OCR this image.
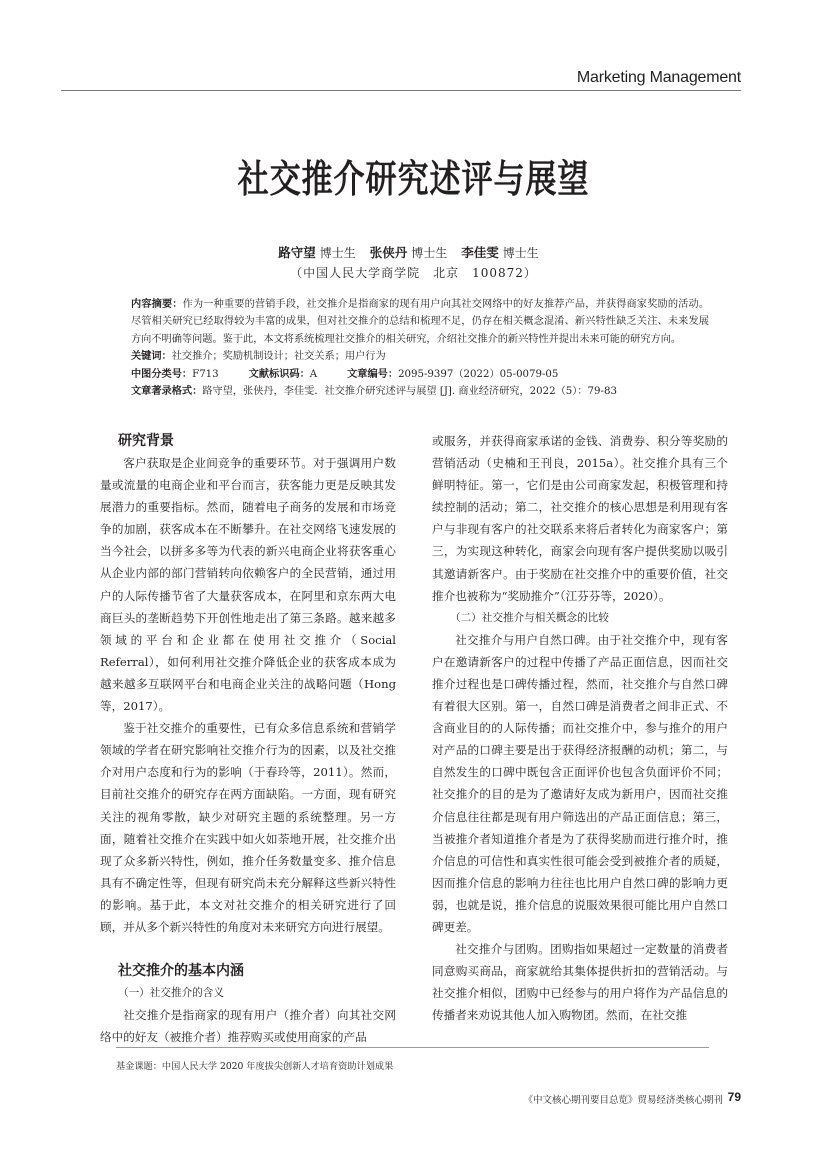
Marketing Management
社交推介研究述评与展望
路守望 博士生 张侠丹 博士生 李佳雯 博士生
（中国人民大学商学院　北京　100872）

内容摘要：作为一种重要的营销手段，社交推介是指商家的现有用户向其社交网络中的好友推荐产品，并获得商家奖励的活动。尽管相关研究已经取得较为丰富的成果，但对社交推介的总结和梳理不足，仍存在相关概念混淆、新兴特性缺乏关注、未来发展方向不明确等问题。鉴于此，本文将系统梳理社交推介的相关研究，介绍社交推介的新兴特性并提出未来可能的研究方向。

关键词：社交推介；奖励机制设计；社交关系；用户行为

中图分类号：F713	文献标识码：A	文章编号：2095-9397（2022）05-0079-05

文章著录格式：路守望，张侠丹，李佳雯．社交推介研究述评与展望 [J]. 商业经济研究，2022（5）：79-83

研究背景

客户获取是企业间竞争的重要环节。对于强调用户数量或流量的电商企业和平台而言，获客能力更是反映其发展潜力的重要指标。然而，随着电子商务的发展和市场竞争的加剧，获客成本在不断攀升。在社交网络飞速发展的当今社会，以拼多多等为代表的新兴电商企业将获客重心从企业内部的部门营销转向依赖客户的全民营销，通过用户的人际传播节省了大量获客成本，在阿里和京东两大电商巨头的垄断趋势下开创性地走出了第三条路。越来越多领域的平台和企业都在使用社交推介（Social Referral），如何利用社交推介降低企业的获客成本成为越来越多互联网平台和电商企业关注的战略问题（Hong等，2017）。

鉴于社交推介的重要性，已有众多信息系统和营销学领域的学者在研究影响社交推介行为的因素，以及社交推介对用户态度和行为的影响（于春玲等，2011）。然而，目前社交推介的研究存在两方面缺陷。一方面，现有研究关注的视角零散，缺少对研究主题的系统整理。另一方面，随着社交推介在实践中如火如荼地开展，社交推介出现了众多新兴特性，例如，推介任务数量变多、推介信息具有不确定性等，但现有研究尚未充分解释这些新兴特性的影响。基于此，本文对社交推介的相关研究进行了回顾，并从多个新兴特性的角度对未来研究方向进行展望。

社交推介的基本内涵
（一）社交推介的含义

社交推介是指商家的现有用户（推介者）向其社交网络中的好友（被推介者）推荐购买或使用商家的产品

或服务，并获得商家承诺的金钱、消费券、积分等奖励的营销活动（史楠和王刊良，2015a）。社交推介具有三个鲜明特征。第一，它们是由公司商家发起，积极管理和持续控制的活动；第二，社交推介的核心思想是利用现有客户与非现有客户的社交联系来将后者转化为商家客户；第三，为实现这种转化，商家会向现有客户提供奖励以吸引其邀请新客户。由于奖励在社交推介中的重要价值，社交推介也被称为“奖励推介”（江芬芬等，2020）。

（二）社交推介与相关概念的比较

社交推介与用户自然口碑。由于社交推介中，现有客户在邀请新客户的过程中传播了产品正面信息，因而社交推介过程也是口碑传播过程，然而，社交推介与自然口碑有着很大区别。第一，自然口碑是消费者之间非正式、不含商业目的的人际传播；而社交推介中，参与推介的用户对产品的口碑主要是出于获得经济报酬的动机；第二，与自然发生的口碑中既包含正面评价也包含负面评价不同；社交推介的目的是为了邀请好友成为新用户，因而社交推介信息往往都是现有用户筛选出的产品正面信息；第三，当被推介者知道推介者是为了获得奖励而进行推介时，推介信息的可信性和真实性很可能会受到被推介者的质疑，因而推介信息的影响力往往也比用户自然口碑的影响力更弱，也就是说，推介信息的说服效果很可能比用户自然口碑更差。

社交推介与团购。团购指如果超过一定数量的消费者同意购买商品，商家就给其集体提供折扣的营销活动。与社交推介相似，团购中已经参与的用户将作为产品信息的传播者来劝说其他人加入购物团。然而，在社交推

基金课题：中国人民大学 2020 年度拔尖创新人才培育资助计划成果
《中文核心期刊要目总览》贸易经济类核心期刊 79
